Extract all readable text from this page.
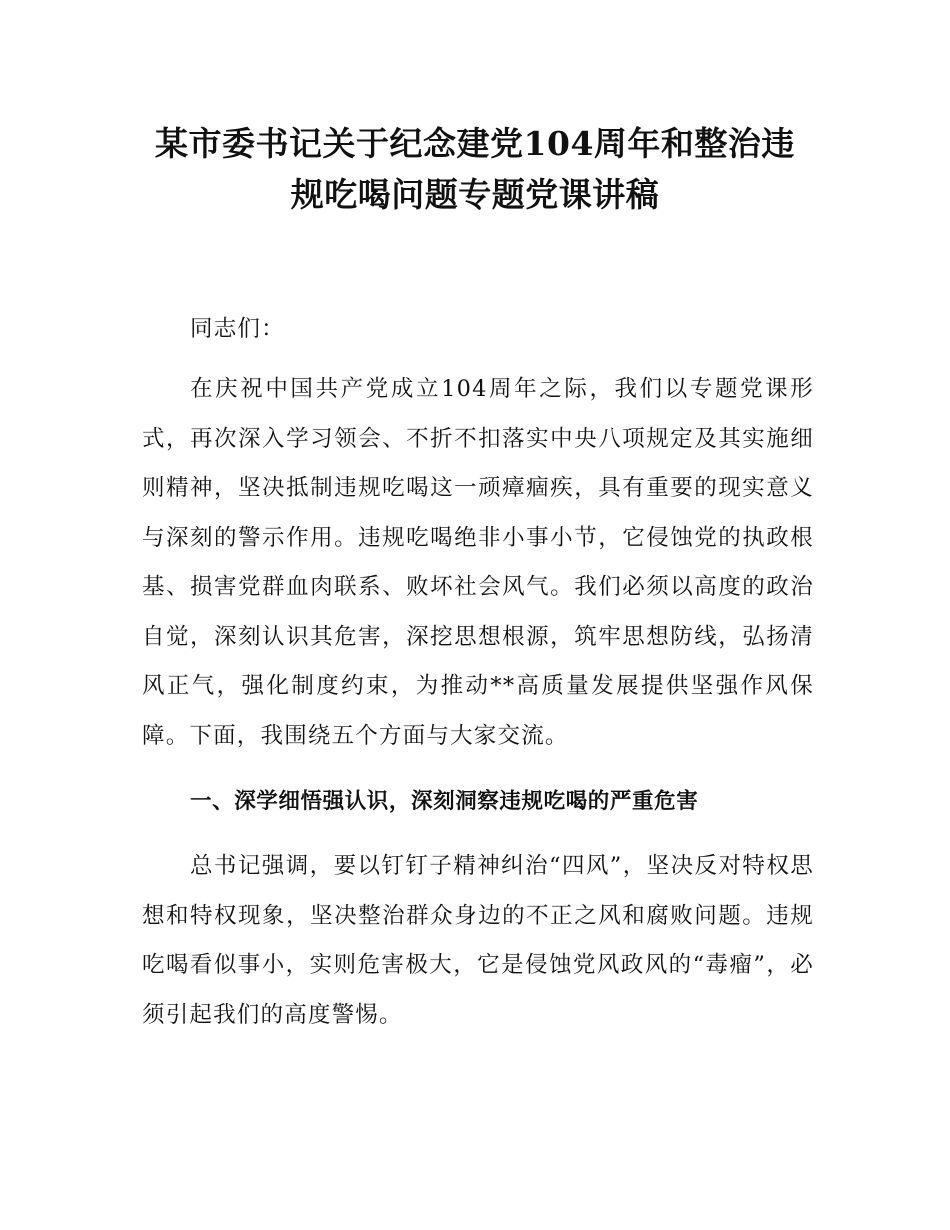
某市委书记关于纪念建党104周年和整治违
规吃喝问题专题党课讲稿

同志们：

在庆祝中国共产党成立104周年之际，我们以专题党课形式，再次深入学习领会、不折不扣落实中央八项规定及其实施细则精神，坚决抵制违规吃喝这一顽瘴痼疾，具有重要的现实意义与深刻的警示作用。违规吃喝绝非小事小节，它侵蚀党的执政根基、损害党群血肉联系、败坏社会风气。我们必须以高度的政治自觉，深刻认识其危害，深挖思想根源，筑牢思想防线，弘扬清风正气，强化制度约束，为推动**高质量发展提供坚强作风保障。下面，我围绕五个方面与大家交流。

一、深学细悟强认识，深刻洞察违规吃喝的严重危害

总书记强调，要以钉钉子精神纠治“四风”，坚决反对特权思想和特权现象，坚决整治群众身边的不正之风和腐败问题。违规吃喝看似事小，实则危害极大，它是侵蚀党风政风的“毒瘤”，必须引起我们的高度警惕。
